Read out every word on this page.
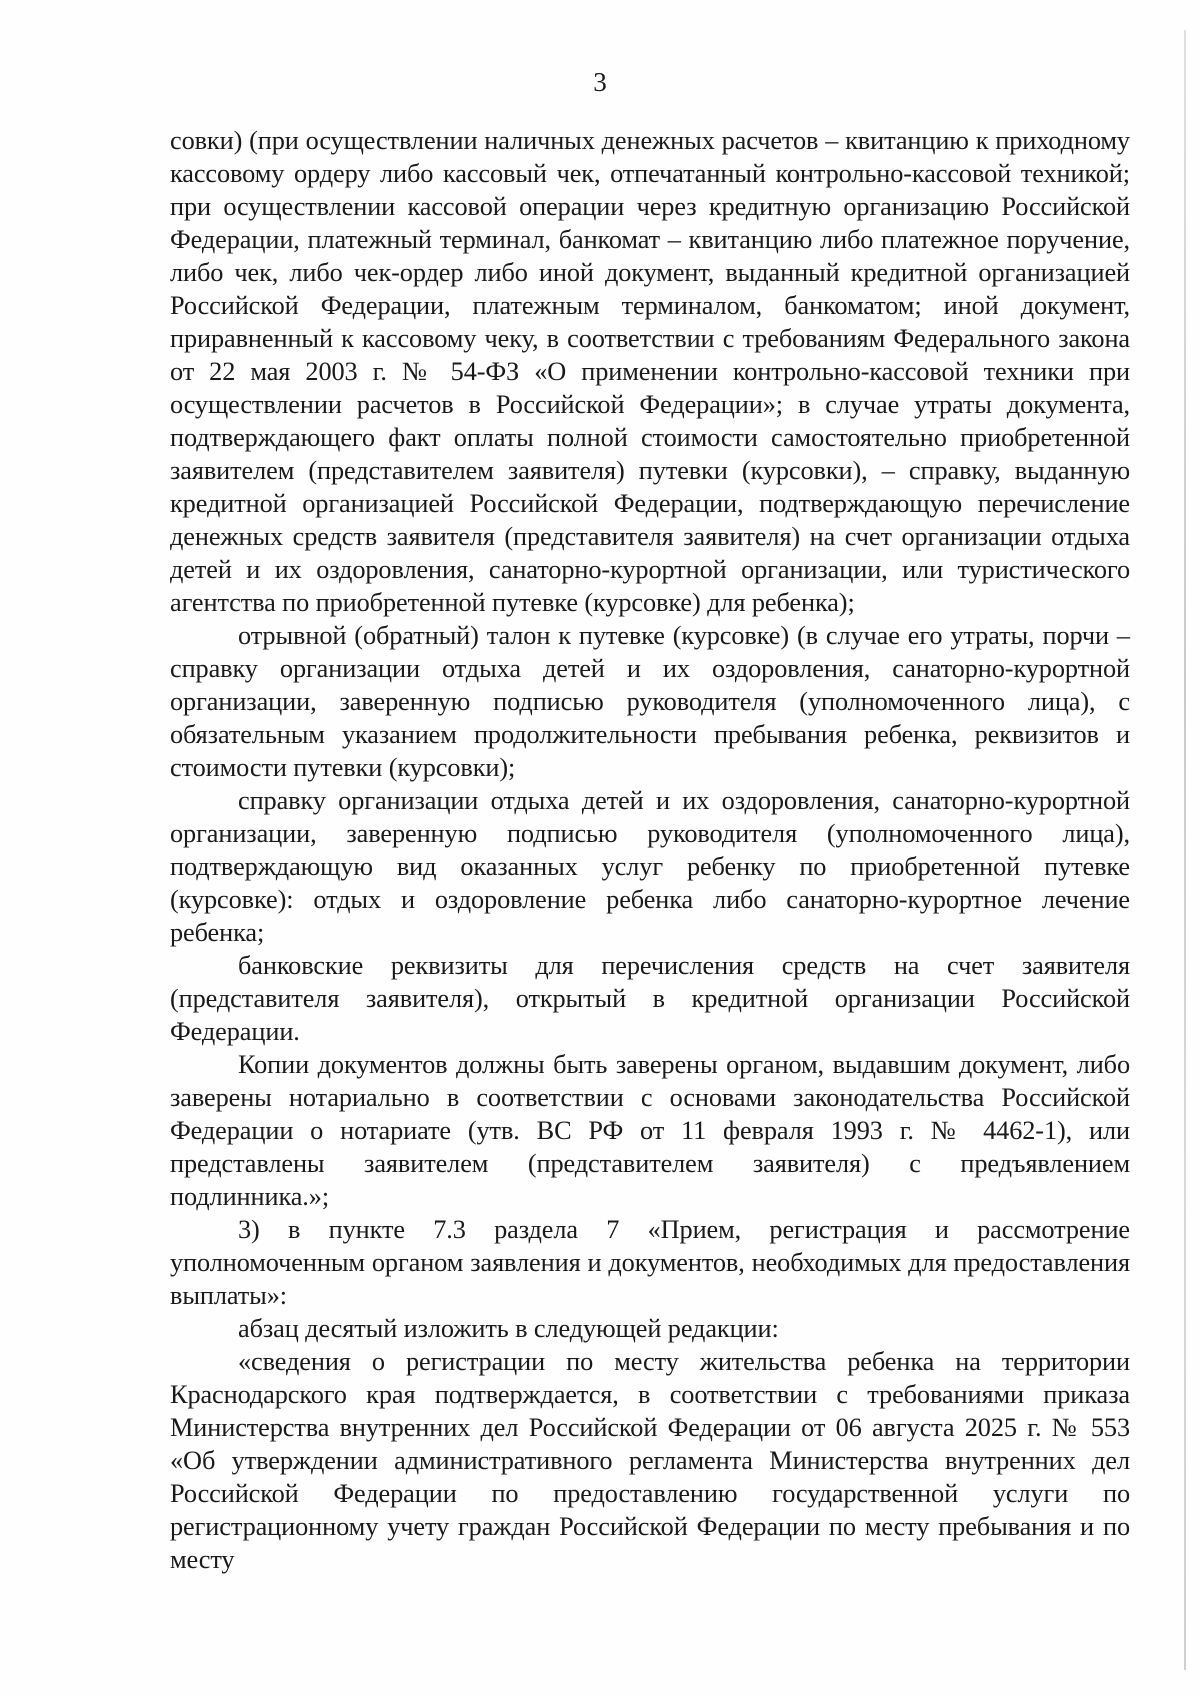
3

совки) (при осуществлении наличных денежных расчетов – квитанцию к приходному кассовому ордеру либо кассовый чек, отпечатанный контрольно-кассовой техникой; при осуществлении кассовой операции через кредитную организацию Российской Федерации, платежный терминал, банкомат – квитанцию либо платежное поручение, либо чек, либо чек-ордер либо иной документ, выданный кредитной организацией Российской Федерации, платежным терминалом, банкоматом; иной документ, приравненный к кассовому чеку, в соответствии с требованиям Федерального закона от 22 мая 2003 г. № 54-ФЗ «О применении контрольно-кассовой техники при осуществлении расчетов в Российской Федерации»; в случае утраты документа, подтверждающего факт оплаты полной стоимости самостоятельно приобретенной заявителем (представителем заявителя) путевки (курсовки), – справку, выданную кредитной организацией Российской Федерации, подтверждающую перечисление денежных средств заявителя (представителя заявителя) на счет организации отдыха детей и их оздоровления, санаторно-курортной организации, или туристического агентства по приобретенной путевке (курсовке) для ребенка);

отрывной (обратный) талон к путевке (курсовке) (в случае его утраты, порчи – справку организации отдыха детей и их оздоровления, санаторно-курортной организации, заверенную подписью руководителя (уполномоченного лица), с обязательным указанием продолжительности пребывания ребенка, реквизитов и стоимости путевки (курсовки);

справку организации отдыха детей и их оздоровления, санаторно-курортной организации, заверенную подписью руководителя (уполномоченного лица), подтверждающую вид оказанных услуг ребенку по приобретенной путевке (курсовке): отдых и оздоровление ребенка либо санаторно-курортное лечение ребенка;

банковские реквизиты для перечисления средств на счет заявителя (представителя заявителя), открытый в кредитной организации Российской Федерации.

Копии документов должны быть заверены органом, выдавшим документ, либо заверены нотариально в соответствии с основами законодательства Российской Федерации о нотариате (утв. ВС РФ от 11 февраля 1993 г. № 4462-1), или представлены заявителем (представителем заявителя) с предъявлением подлинника.»;

3) в пункте 7.3 раздела 7 «Прием, регистрация и рассмотрение уполномоченным органом заявления и документов, необходимых для предоставления выплаты»:

абзац десятый изложить в следующей редакции:

«сведения о регистрации по месту жительства ребенка на территории Краснодарского края подтверждается, в соответствии с требованиями приказа Министерства внутренних дел Российской Федерации от 06 августа 2025 г. № 553 «Об утверждении административного регламента Министерства внутренних дел Российской Федерации по предоставлению государственной услуги по регистрационному учету граждан Российской Федерации по месту пребывания и по месту
